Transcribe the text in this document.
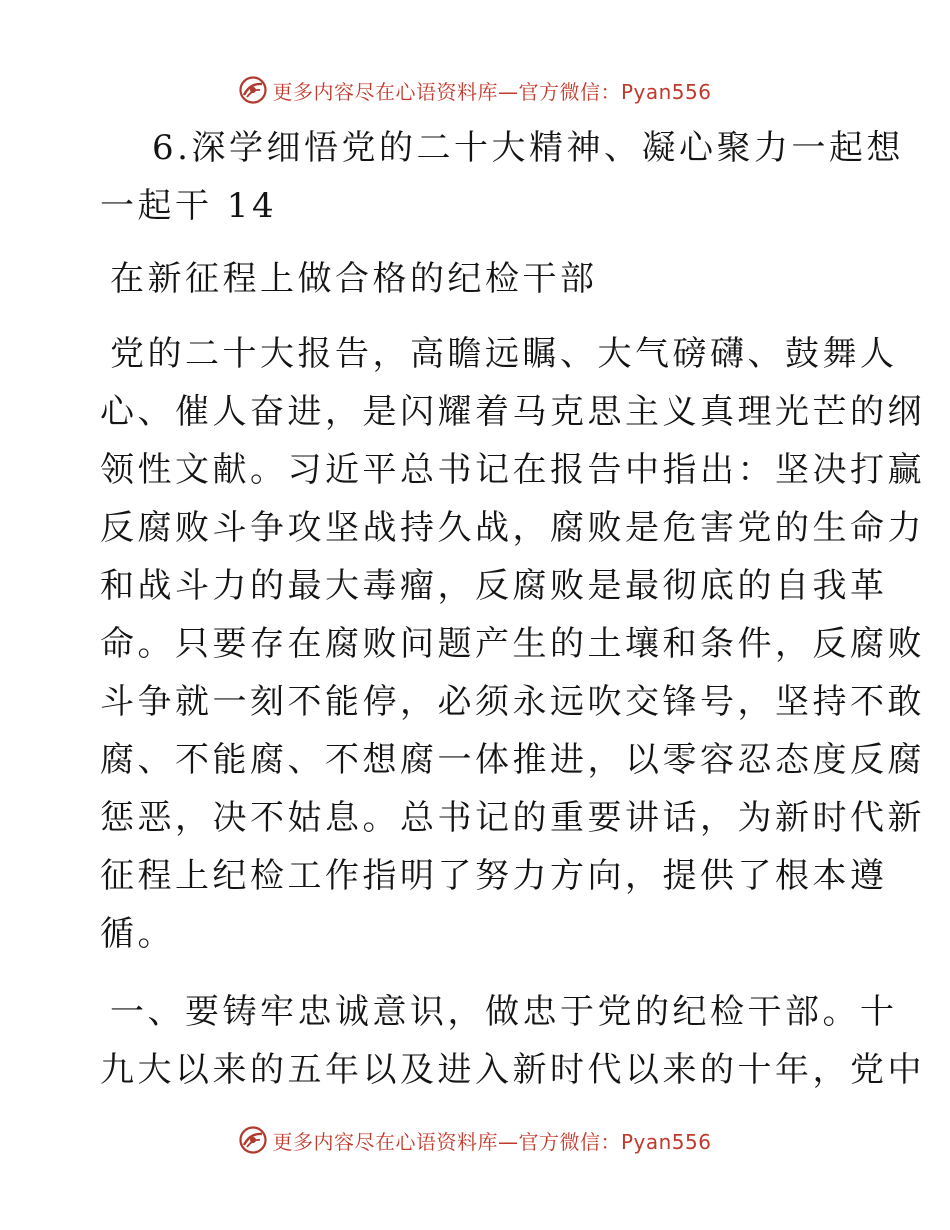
更多内容尽在心语资料库—官方微信：Pyan556
6.深学细悟党的二十大精神、凝心聚力一起想
一起干 14
在新征程上做合格的纪检干部
党的二十大报告，高瞻远瞩、大气磅礴、鼓舞人
心、催人奋进，是闪耀着马克思主义真理光芒的纲
领性文献。习近平总书记在报告中指出：坚决打赢
反腐败斗争攻坚战持久战，腐败是危害党的生命力
和战斗力的最大毒瘤，反腐败是最彻底的自我革
命。只要存在腐败问题产生的土壤和条件，反腐败
斗争就一刻不能停，必须永远吹交锋号，坚持不敢
腐、不能腐、不想腐一体推进，以零容忍态度反腐
惩恶，决不姑息。总书记的重要讲话，为新时代新
征程上纪检工作指明了努力方向，提供了根本遵
循。
一、要铸牢忠诚意识，做忠于党的纪检干部。十
九大以来的五年以及进入新时代以来的十年，党中
更多内容尽在心语资料库—官方微信：Pyan556
